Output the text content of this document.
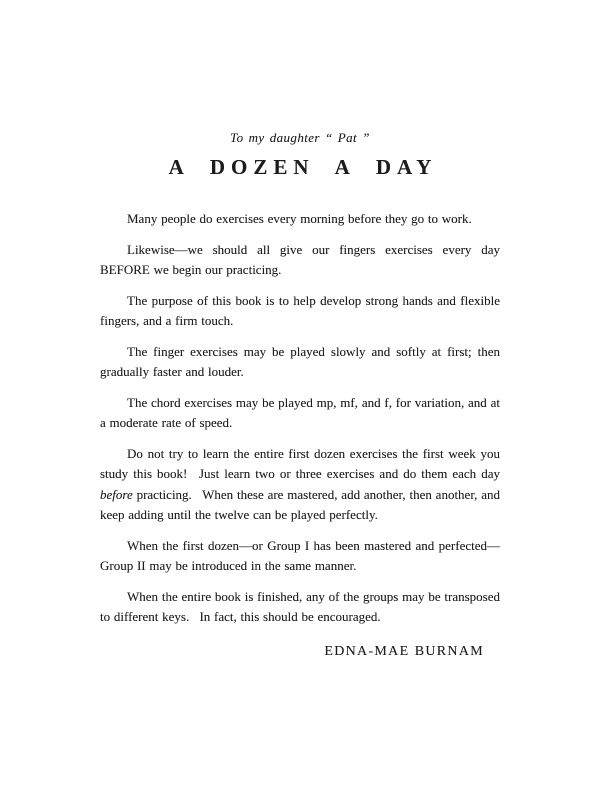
To my daughter “ Pat ”

A DOZEN A DAY

Many people do exercises every morning before they go to work.

Likewise—we should all give our fingers exercises every day BEFORE we begin our practicing.

The purpose of this book is to help develop strong hands and flexible fingers, and a firm touch.

The finger exercises may be played slowly and softly at first; then gradually faster and louder.

The chord exercises may be played mp, mf, and f, for variation, and at a moderate rate of speed.

Do not try to learn the entire first dozen exercises the first week you study this book!  Just learn two or three exercises and do them each day before practicing.  When these are mastered, add another, then another, and keep adding until the twelve can be played perfectly.

When the first dozen—or Group I has been mastered and perfected— Group II may be introduced in the same manner.

When the entire book is finished, any of the groups may be transposed to different keys.  In fact, this should be encouraged.

EDNA-MAE BURNAM
